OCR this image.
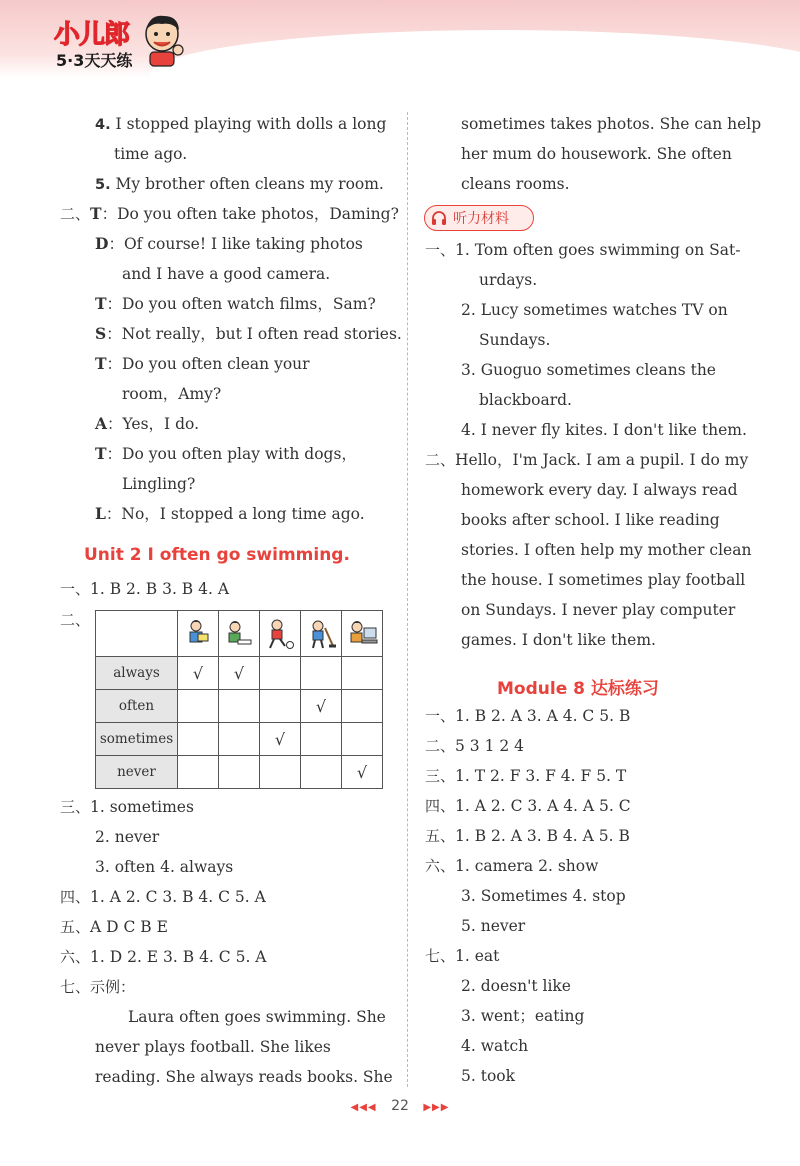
小儿郎
5·3天天练
4. I stopped playing with dolls a long
time ago.
5. My brother often cleans my room.
二、T：Do you often take photos，Daming?
D：Of course! I like taking photos
and I have a good camera.
T：Do you often watch films，Sam?
S：Not really，but I often read stories.
T：Do you often clean your
room，Amy?
A：Yes，I do.
T：Do you often play with dogs，
Lingling?
L：No，I stopped a long time ago.
Unit 2 I often go swimming.
一、1. B 2. B 3. B 4. A
二、

always	√	√			
often				√	
sometimes			√		
never					√
三、1. sometimes
2. never
3. often 4. always
四、1. A 2. C 3. B 4. C 5. A
五、A D C B E
六、1. D 2. E 3. B 4. C 5. A
七、示例：
Laura often goes swimming. She
never plays football. She likes
reading. She always reads books. She
sometimes takes photos. She can help
her mum do housework. She often
cleans rooms.
听力材料
一、1. Tom often goes swimming on Sat-
urdays.
2. Lucy sometimes watches TV on
Sundays.
3. Guoguo sometimes cleans the
blackboard.
4. I never fly kites. I don't like them.
二、Hello，I'm Jack. I am a pupil. I do my
homework every day. I always read
books after school. I like reading
stories. I often help my mother clean
the house. I sometimes play football
on Sundays. I never play computer
games. I don't like them.
Module 8 达标练习
一、1. B 2. A 3. A 4. C 5. B
二、5 3 1 2 4
三、1. T 2. F 3. F 4. F 5. T
四、1. A 2. C 3. A 4. A 5. C
五、1. B 2. A 3. B 4. A 5. B
六、1. camera 2. show
3. Sometimes 4. stop
5. never
七、1. eat
2. doesn't like
3. went；eating
4. watch
5. took
◀◀◀ 22 ▶▶▶
